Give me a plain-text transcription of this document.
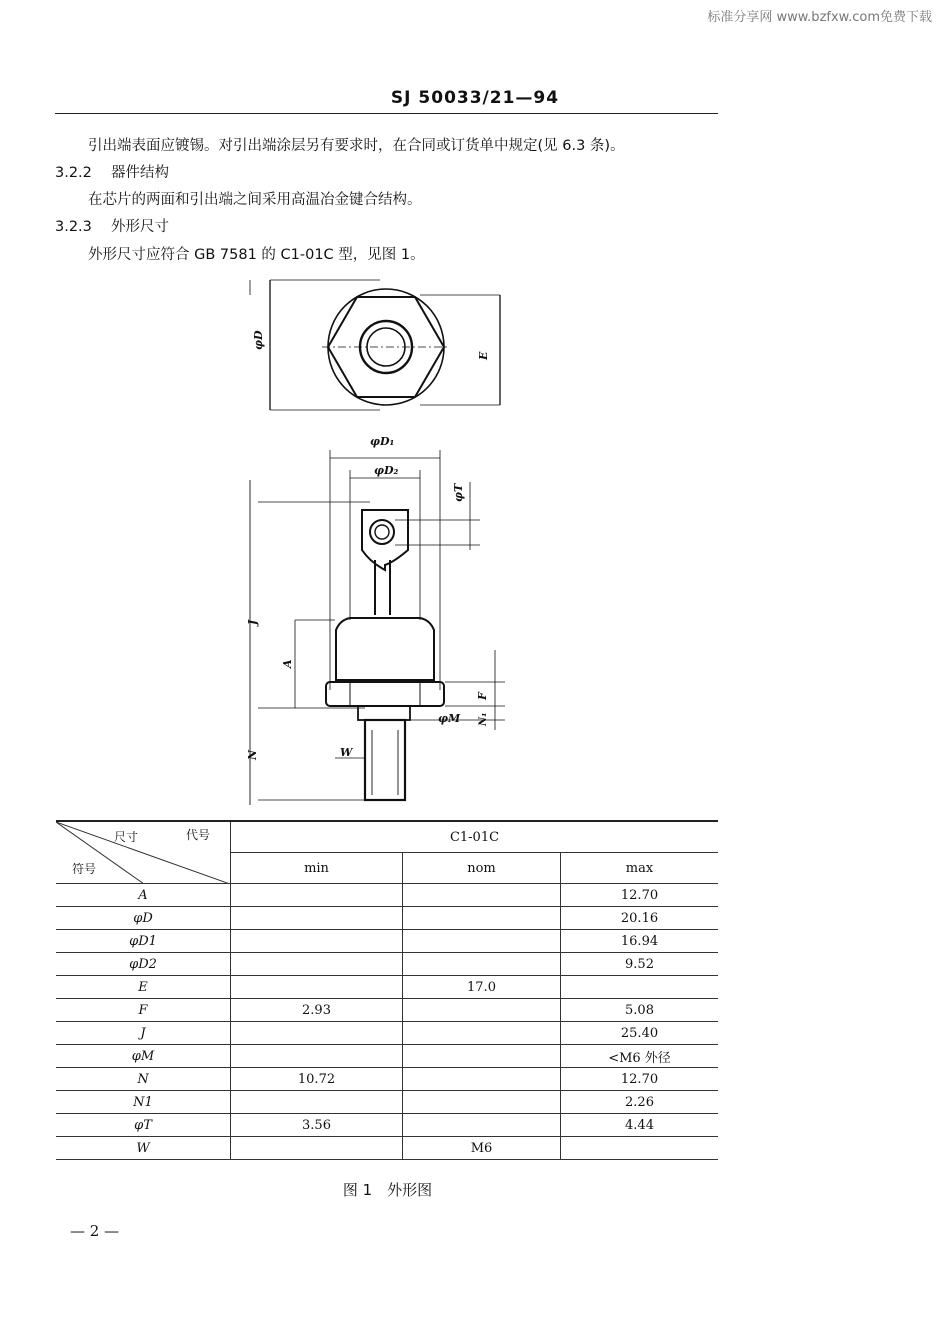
标准分享网 www.bzfxw.com免费下载
SJ 50033/21—94
引出端表面应镀锡。对引出端涂层另有要求时，在合同或订货单中规定(见 6.3 条)。
3.2.2 器件结构
在芯片的两面和引出端之间采用高温冶金键合结构。
3.2.3 外形尺寸
外形尺寸应符合 GB 7581 的 C1-01C 型，见图 1。
φD
E
φD₁
φD₂
φT
J
A
N	W
F
N₁
φM
尺寸 代号
符号	C1-01C		
	min	nom	max
A			12.70
φD			20.16
φD1			16.94
φD2			9.52
E		17.0	
F	2.93		5.08
J			25.40
φM			<M6 外径
N	10.72		12.70
N1			2.26
φT	3.56		4.44
W		M6	
图 1　外形图
— 2 —
